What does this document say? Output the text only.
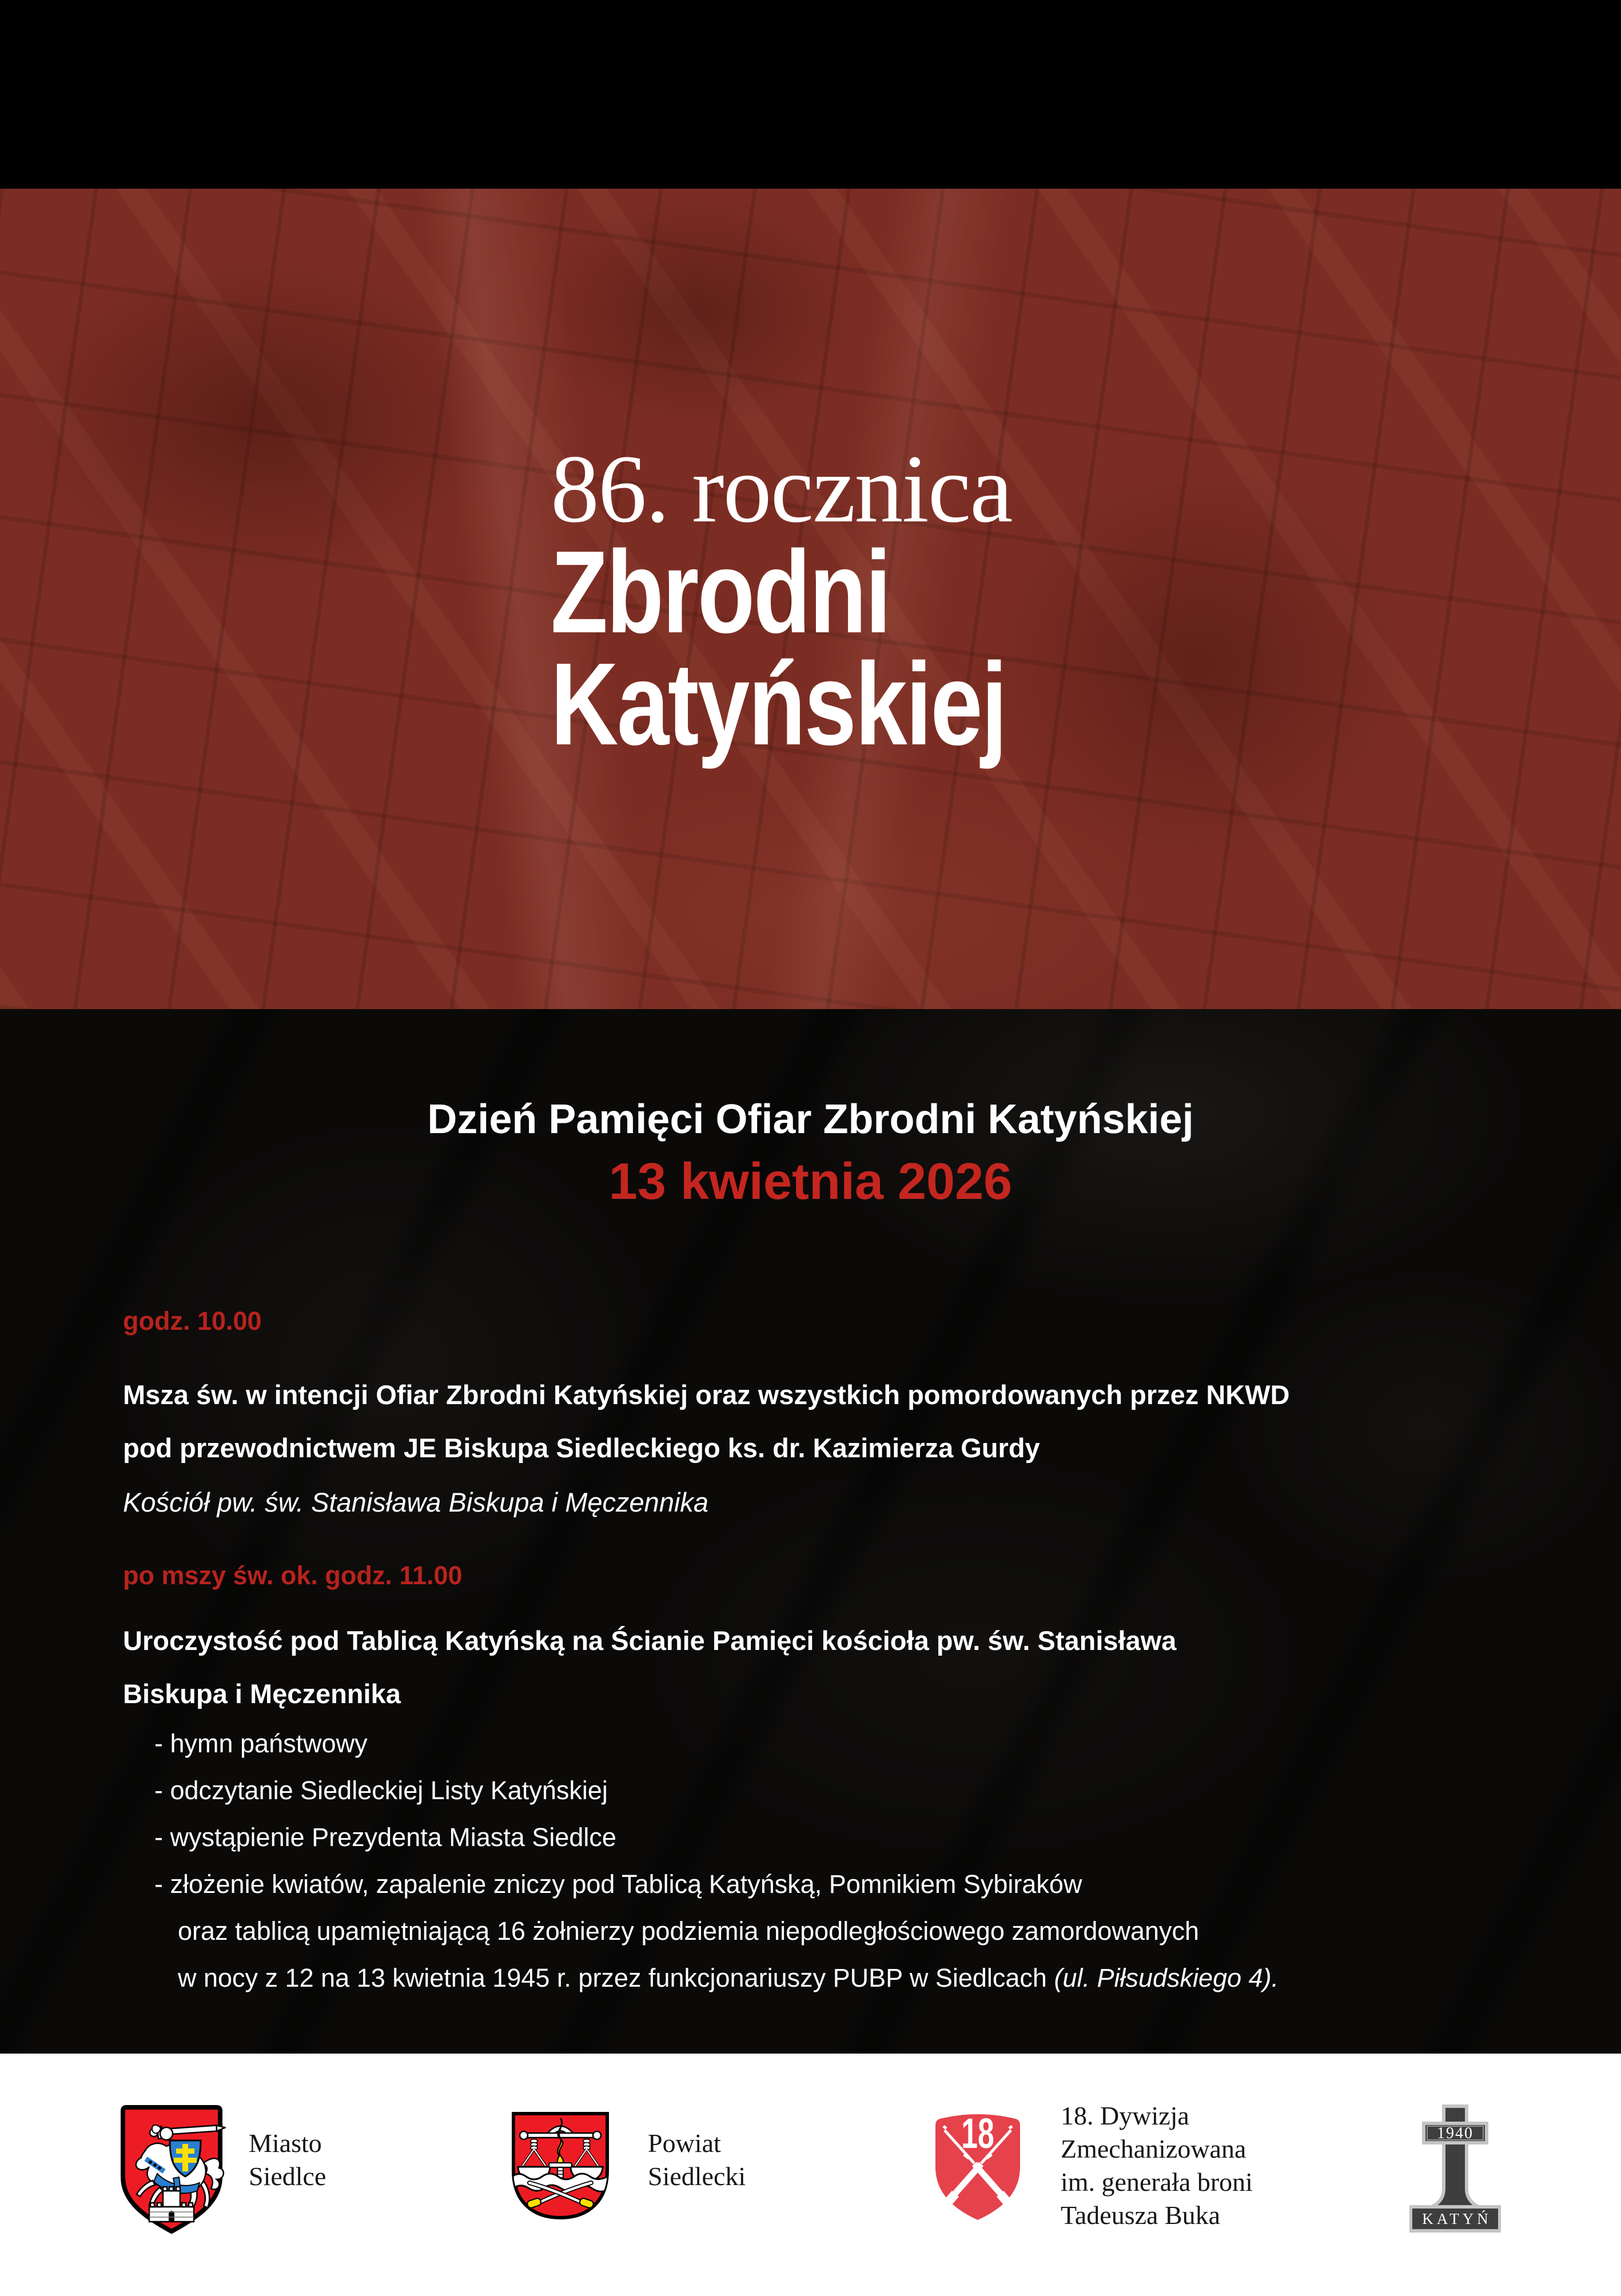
86. rocznica
Zbrodni
Katyńskiej
Dzień Pamięci Ofiar Zbrodni Katyńskiej
13 kwietnia 2026
godz. 10.00
Msza św. w intencji Ofiar Zbrodni Katyńskiej oraz wszystkich pomordowanych przez NKWD
pod przewodnictwem JE Biskupa Siedleckiego ks. dr. Kazimierza Gurdy
Kościół pw. św. Stanisława Biskupa i Męczennika
po mszy św. ok. godz. 11.00
Uroczystość pod Tablicą Katyńską na Ścianie Pamięci kościoła pw. św. Stanisława
Biskupa i Męczennika
- hymn państwowy
- odczytanie Siedleckiej Listy Katyńskiej
- wystąpienie Prezydenta Miasta Siedlce
- złożenie kwiatów, zapalenie zniczy pod Tablicą Katyńską, Pomnikiem Sybiraków
oraz tablicą upamiętniającą 16 żołnierzy podziemia niepodległościowego zamordowanych
w nocy z 12 na 13 kwietnia 1945 r. przez funkcjonariuszy PUBP w Siedlcach (ul. Piłsudskiego 4).
Miasto
Siedlce
Powiat
Siedlecki
18	18. Dywizja
Zmechanizowana
im. generała broni
Tadeusza Buka
1940
KATYŃ
